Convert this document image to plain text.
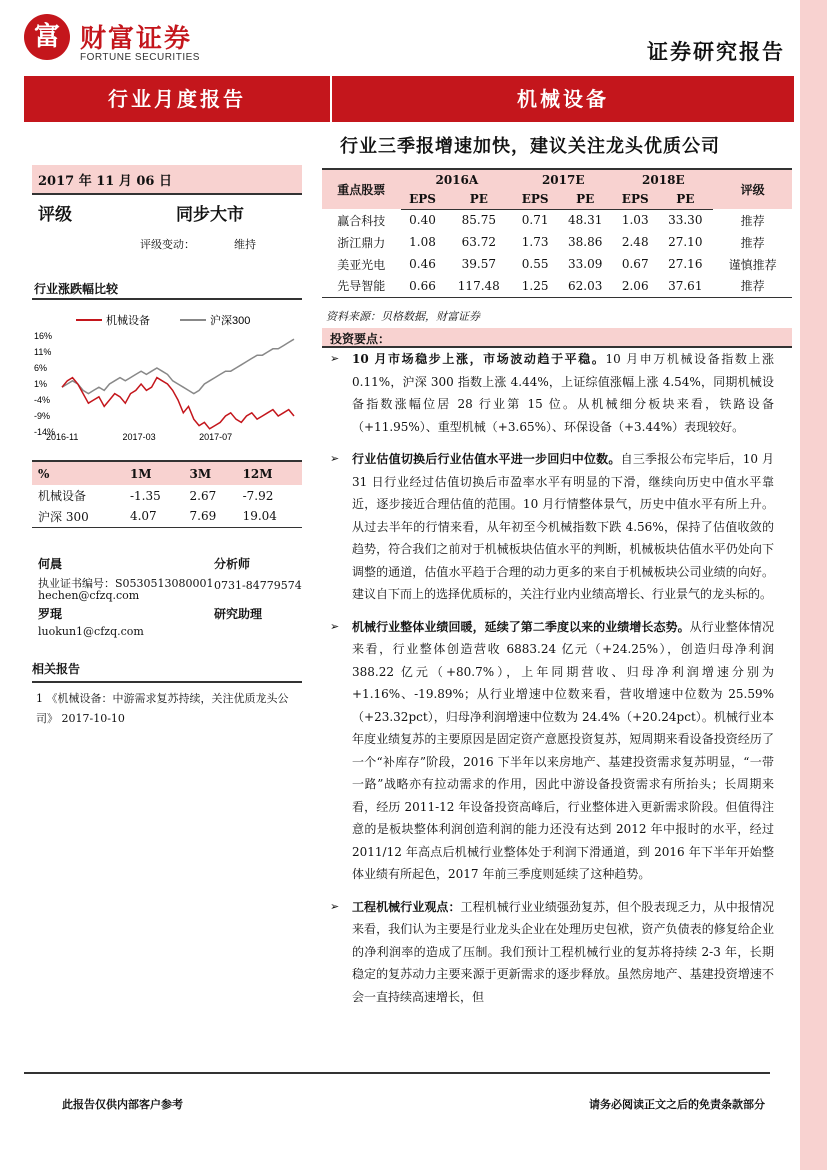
富 财富证券
FORTUNE SECURITIES	证券研究报告
行业月度报告	机械设备
行业三季报增速加快，建议关注龙头优质公司
2017 年 11 月 06 日
评级	同步大市
评级变动：	维持
行业涨跌幅比较
机械设备	沪深300
16%
11%
6%
1%
-4%
-9%
-14%
2016-11	2017-03	2017-07
%	1M	3M	12M
机械设备	-1.35	2.67	-7.92
沪深 300	4.07	7.69	19.04
何晨	分析师
执业证书编号：S0530513080001 0731-84779574
hechen@cfzq.com
罗琨	研究助理
luokun1@cfzq.com
相关报告
1 《机械设备：中游需求复苏持续，关注优质龙头公司》 2017-10-10
重点股票	2016A		2017E		2018E		评级
	EPS	PE	EPS	PE	EPS	PE	
赢合科技	0.40	85.75	0.71	48.31	1.03	33.30	推荐
浙江鼎力	1.08	63.72	1.73	38.86	2.48	27.10	推荐
美亚光电	0.46	39.57	0.55	33.09	0.67	27.16	谨慎推荐
先导智能	0.66	117.48	1.25	62.03	2.06	37.61	推荐
资料来源：贝格数据，财富证券
投资要点：
➢ 10 月市场稳步上涨，市场波动趋于平稳。10 月申万机械设备指数上涨 0.11%，沪深 300 指数上涨 4.44%，上证综值涨幅上涨 4.54%，同期机械设备指数涨幅位居 28 行业第 15 位。从机械细分板块来看，铁路设备（+11.95%）、重型机械（+3.65%）、环保设备（+3.44%）表现较好。
➢ 行业估值切换后行业估值水平进一步回归中位数。自三季报公布完毕后，10 月 31 日行业经过估值切换后市盈率水平有明显的下滑，继续向历史中值水平靠近，逐步接近合理估值的范围。10 月行情整体景气，历史中值水平有所上升。从过去半年的行情来看，从年初至今机械指数下跌 4.56%，保持了估值收敛的趋势，符合我们之前对于机械板块估值水平的判断，机械板块估值水平仍处向下调整的通道，估值水平趋于合理的动力更多的来自于机械板块公司业绩的向好。建议自下而上的选择优质标的，关注行业内业绩高增长、行业景气的龙头标的。
➢ 机械行业整体业绩回暖，延续了第二季度以来的业绩增长态势。从行业整体情况来看，行业整体创造营收 6883.24 亿元（+24.25%），创造归母净利润 388.22 亿元（+80.7%），上年同期营收、归母净利润增速分别为+1.16%、-19.89%；从行业增速中位数来看，营收增速中位数为 25.59%（+23.32pct），归母净利润增速中位数为 24.4%（+20.24pct）。机械行业本年度业绩复苏的主要原因是固定资产意愿投资复苏，短周期来看设备投资经历了一个“补库存”阶段，2016 下半年以来房地产、基建投资需求复苏明显，“一带一路”战略亦有拉动需求的作用，因此中游设备投资需求有所抬头；长周期来看，经历 2011-12 年设备投资高峰后，行业整体进入更新需求阶段。但值得注意的是板块整体利润创造利润的能力还没有达到 2012 年中报时的水平，经过 2011/12 年高点后机械行业整体处于利润下滑通道，到 2016 年下半年开始整体业绩有所起色，2017 年前三季度则延续了这种趋势。
➢ 工程机械行业观点：工程机械行业业绩强劲复苏，但个股表现乏力，从中报情况来看，我们认为主要是行业龙头企业在处理历史包袱，资产负债表的修复给企业的净利润率的造成了压制。我们预计工程机械行业的复苏将持续 2-3 年，长期稳定的复苏动力主要来源于更新需求的逐步释放。虽然房地产、基建投资增速不会一直持续高速增长，但
此报告仅供内部客户参考	请务必阅读正文之后的免责条款部分
